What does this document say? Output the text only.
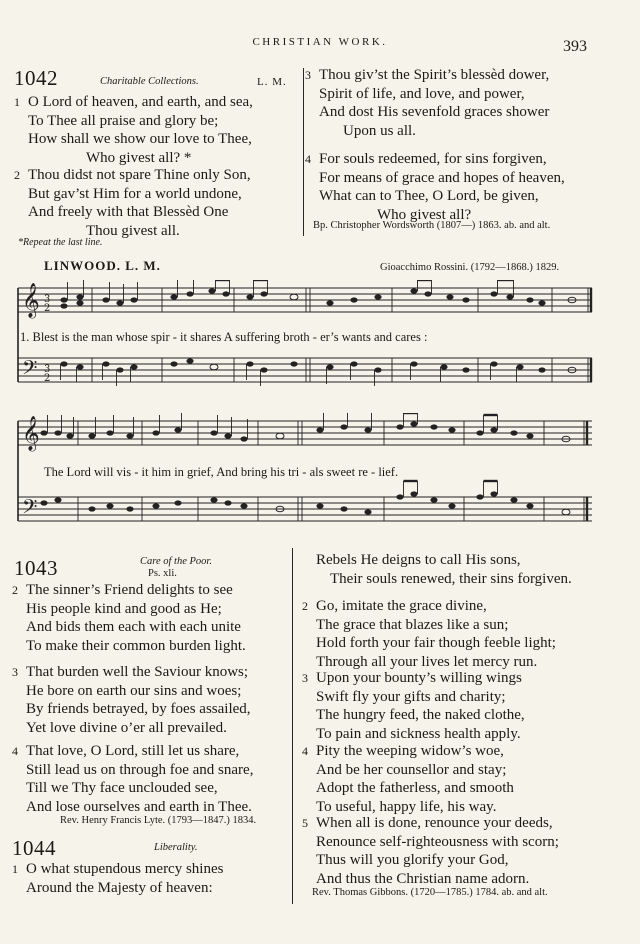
CHRISTIAN WORK.	393
1042	Charitable Collections.	L. M.
1 O Lord of heaven, and earth, and sea,
To Thee all praise and glory be;
How shall we show our love to Thee,
Who givest all? *
2 Thou didst not spare Thine only Son,
But gav’st Him for a world undone,
And freely with that Blessèd One
Thou givest all.
*Repeat the last line.
3 Thou giv’st the Spirit’s blessèd dower,
Spirit of life, and love, and power,
And dost His sevenfold graces shower
Upon us all.
4 For souls redeemed, for sins forgiven,
For means of grace and hopes of heaven,
What can to Thee, O Lord, be given,
Who givest all?
Bp. Christopher Wordsworth (1807—) 1863. ab. and alt.
LINWOOD. L. M.	Gioacchimo Rossini. (1792—1868.) 1829.
𝄞
𝄢
3
2
3
2
1. Blest is the man whose spir - it shares A suffering broth - er’s wants and cares :
𝄞
𝄢
The Lord will vis - it him in grief, And bring his tri - als sweet re - lief.
1043	Care of the Poor.
Ps. xli.
2 The sinner’s Friend delights to see
His people kind and good as He;
And bids them each with each unite
To make their common burden light.
3 That burden well the Saviour knows;
He bore on earth our sins and woes;
By friends betrayed, by foes assailed,
Yet love divine o’er all prevailed.
4 That love, O Lord, still let us share,
Still lead us on through foe and snare,
Till we Thy face unclouded see,
And lose ourselves and earth in Thee.
Rev. Henry Francis Lyte. (1793—1847.) 1834.
1044	Liberality.
1 O what stupendous mercy shines
Around the Majesty of heaven:
Rebels He deigns to call His sons,
Their souls renewed, their sins forgiven.
2 Go, imitate the grace divine,
The grace that blazes like a sun;
Hold forth your fair though feeble light;
Through all your lives let mercy run.
3 Upon your bounty’s willing wings
Swift fly your gifts and charity;
The hungry feed, the naked clothe,
To pain and sickness health apply.
4 Pity the weeping widow’s woe,
And be her counsellor and stay;
Adopt the fatherless, and smooth
To useful, happy life, his way.
5 When all is done, renounce your deeds,
Renounce self-righteousness with scorn;
Thus will you glorify your God,
And thus the Christian name adorn.
Rev. Thomas Gibbons. (1720—1785.) 1784. ab. and alt.
